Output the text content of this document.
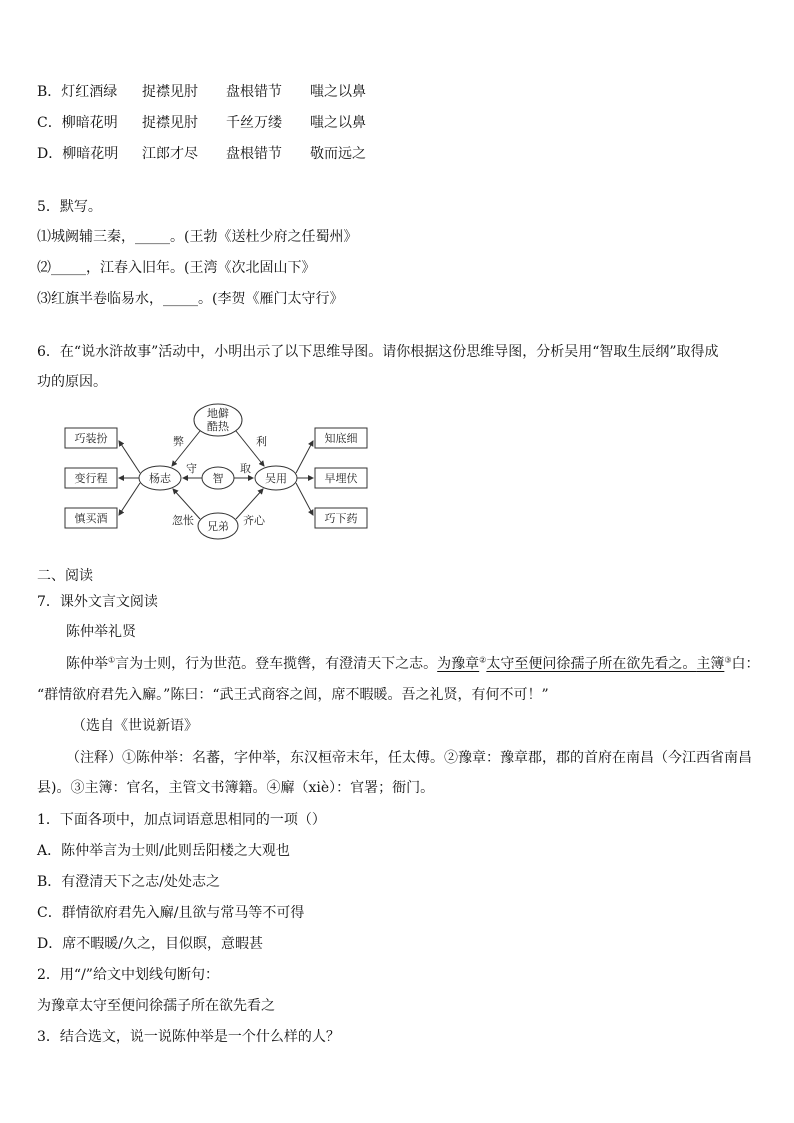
B．灯红酒绿 捉襟见肘 盘根错节 嗤之以鼻
C．柳暗花明 捉襟见肘 千丝万缕 嗤之以鼻
D．柳暗花明 江郎才尽 盘根错节 敬而远之
5．默写。
⑴城阙辅三秦，_____。(王勃《送杜少府之任蜀州》
⑵_____，江春入旧年。(王湾《次北固山下》
⑶红旗半卷临易水，_____。(李贺《雁门太守行》
6．在“说水浒故事”活动中，小明出示了以下思维导图。请你根据这份思维导图，分析吴用“智取生辰纲”取得成
功的原因。
巧装扮
变行程
慎买酒
知底细
早埋伏
巧下药
地僻
酷热
杨志	智	吴用
兄弟
弊	利
守	取
忽怅	齐心
二、阅读
7．课外文言文阅读
陈仲举礼贤
陈仲举①言为士则，行为世范。登车揽辔，有澄清天下之志。为豫章②太守至便问徐孺子所在欲先看之。主簿③白：
“群情欲府君先入廨。”陈曰：“武王式商容之闾，席不暇暖。吾之礼贤，有何不可！”
（选自《世说新语》
（注释）①陈仲举：名蕃，字仲举，东汉桓帝末年，任太傅。②豫章：豫章郡，郡的首府在南昌（今江西省南昌
县)。③主簿：官名，主管文书簿籍。④廨（xiè）：官署；衙门。
1．下面各项中，加点词语意思相同的一项（）
A．陈仲举言为士则/此则岳阳楼之大观也
B．有澄清天下之志/处处志之
C．群情欲府君先入廨/且欲与常马等不可得
D．席不暇暖/久之，目似瞑，意暇甚
2．用“/”给文中划线句断句：
为豫章太守至便问徐孺子所在欲先看之
3．结合选文，说一说陈仲举是一个什么样的人？
